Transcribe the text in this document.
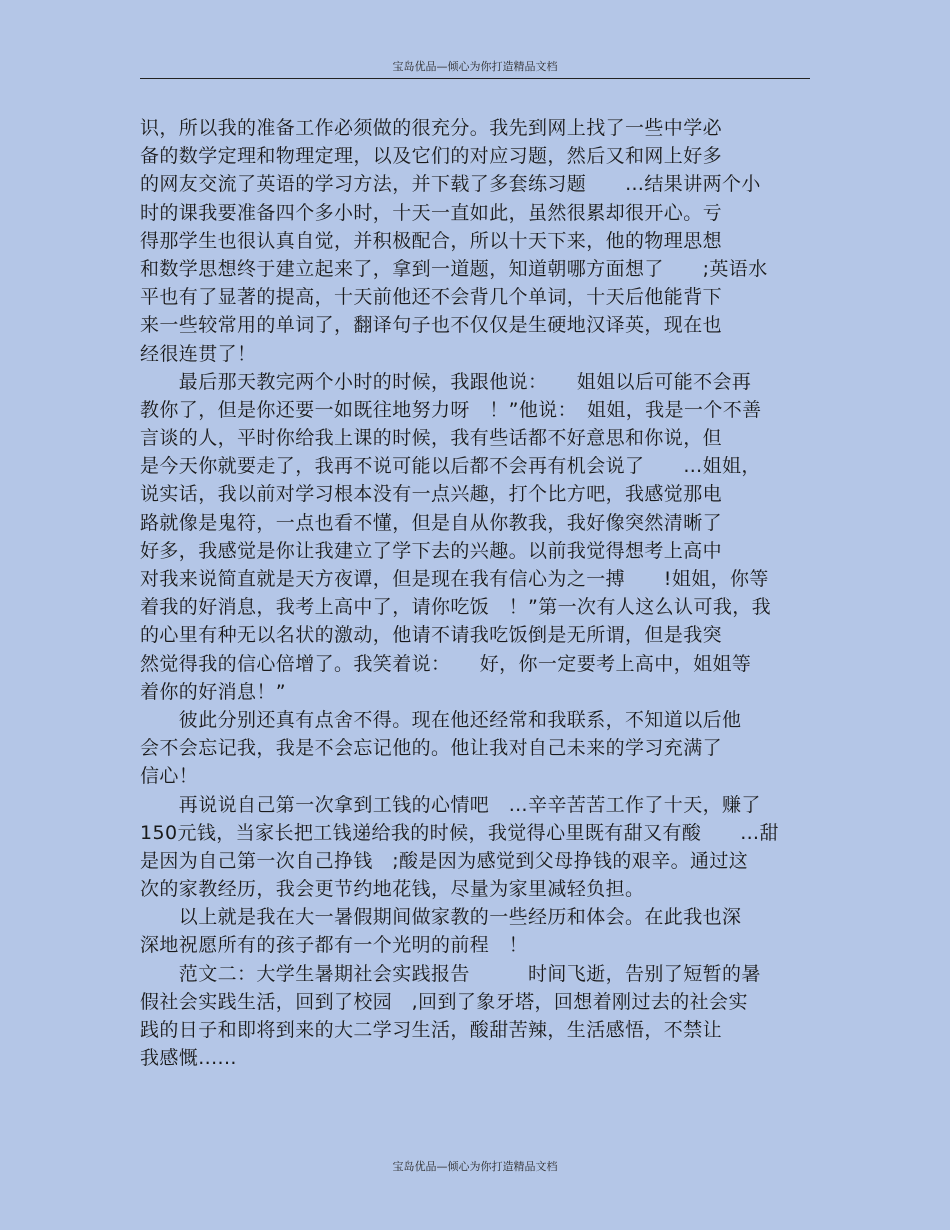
宝岛优品—倾心为你打造精品文档
识，所以我的准备工作必须做的很充分。我先到网上找了一些中学必
备的数学定理和物理定理，以及它们的对应习题，然后又和网上好多
的网友交流了英语的学习方法，并下载了多套练习题　　…结果讲两个小
时的课我要准备四个多小时，十天一直如此，虽然很累却很开心。亏
得那学生也很认真自觉，并积极配合，所以十天下来，他的物理思想
和数学思想终于建立起来了，拿到一道题，知道朝哪方面想了　　;英语水
平也有了显著的提高，十天前他还不会背几个单词，十天后他能背下
来一些较常用的单词了，翻译句子也不仅仅是生硬地汉译英，现在也
经很连贯了！
　　最后那天教完两个小时的时候，我跟他说：　　姐姐以后可能不会再
教你了，但是你还要一如既往地努力呀　！”他说：　姐姐，我是一个不善
言谈的人，平时你给我上课的时候，我有些话都不好意思和你说，但
是今天你就要走了，我再不说可能以后都不会再有机会说了　　…姐姐，
说实话，我以前对学习根本没有一点兴趣，打个比方吧，我感觉那电
路就像是鬼符，一点也看不懂，但是自从你教我，我好像突然清晰了
好多，我感觉是你让我建立了学下去的兴趣。以前我觉得想考上高中
对我来说简直就是天方夜谭，但是现在我有信心为之一搏　　!姐姐，你等
着我的好消息，我考上高中了，请你吃饭　！”第一次有人这么认可我，我
的心里有种无以名状的激动，他请不请我吃饭倒是无所谓，但是我突
然觉得我的信心倍增了。我笑着说：　　好，你一定要考上高中，姐姐等
着你的好消息！”
　　彼此分别还真有点舍不得。现在他还经常和我联系，不知道以后他
会不会忘记我，我是不会忘记他的。他让我对自己未来的学习充满了
信心！
　　再说说自己第一次拿到工钱的心情吧　…辛辛苦苦工作了十天，赚了
150元钱，当家长把工钱递给我的时候，我觉得心里既有甜又有酸　　…甜
是因为自己第一次自己挣钱　;酸是因为感觉到父母挣钱的艰辛。通过这
次的家教经历，我会更节约地花钱，尽量为家里减轻负担。
　　以上就是我在大一暑假期间做家教的一些经历和体会。在此我也深
深地祝愿所有的孩子都有一个光明的前程　！
　　范文二：大学生暑期社会实践报告　　　时间飞逝，告别了短暂的暑
假社会实践生活，回到了校园　,回到了象牙塔，回想着刚过去的社会实
践的日子和即将到来的大二学习生活，酸甜苦辣，生活感悟，不禁让
我感慨......
宝岛优品—倾心为你打造精品文档
